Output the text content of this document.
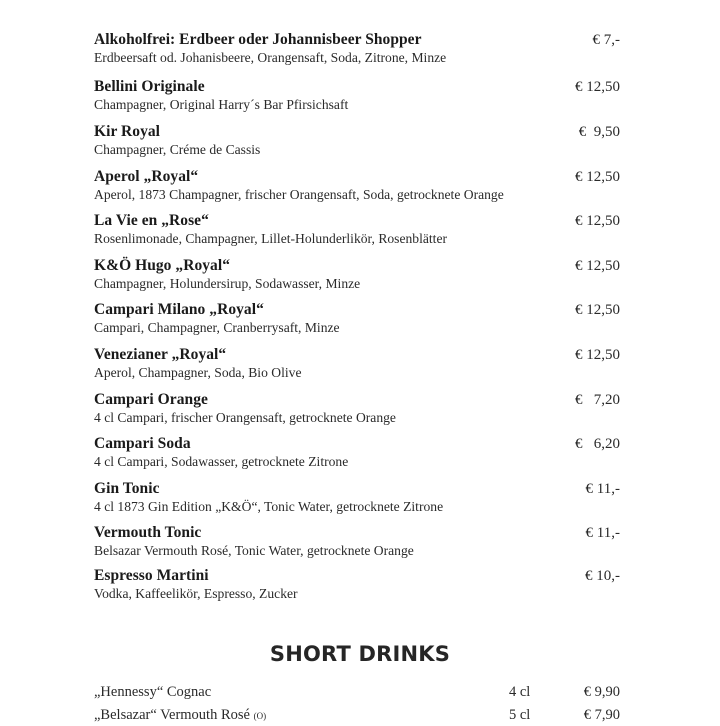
Alkoholfrei: Erdbeer oder Johannisbeer Shopper
Erdbeersaft od. Johanisbeere, Orangensaft, Soda, Zitrone, Minze
€ 7,-
Bellini Originale
Champagner, Original Harry´s Bar Pfirsichsaft
€ 12,50
Kir Royal
Champagner, Créme de Cassis
€  9,50
Aperol „Royal“
Aperol, 1873 Champagner, frischer Orangensaft, Soda, getrocknete Orange
€ 12,50
La Vie en „Rose“
Rosenlimonade, Champagner, Lillet-Holunderlikör, Rosenblätter
€ 12,50
K&Ö Hugo „Royal“
Champagner, Holundersirup, Sodawasser, Minze
€ 12,50
Campari Milano „Royal“
Campari, Champagner, Cranberrysaft, Minze
€ 12,50
Venezianer „Royal“
Aperol, Champagner, Soda, Bio Olive
€ 12,50
Campari Orange
4 cl Campari, frischer Orangensaft, getrocknete Orange
€   7,20
Campari Soda
4 cl Campari, Sodawasser, getrocknete Zitrone
€   6,20
Gin Tonic
4 cl 1873 Gin Edition „K&Ö“, Tonic Water, getrocknete Zitrone
€ 11,-
Vermouth Tonic
Belsazar Vermouth Rosé, Tonic Water, getrocknete Orange
€ 11,-
Espresso Martini
Vodka, Kaffeelikör, Espresso, Zucker
€ 10,-
SHORT DRINKS
„Hennessy“ Cognac	4 cl	€ 9,90
„Belsazar“ Vermouth Rosé (O)	5 cl	€ 7,90
